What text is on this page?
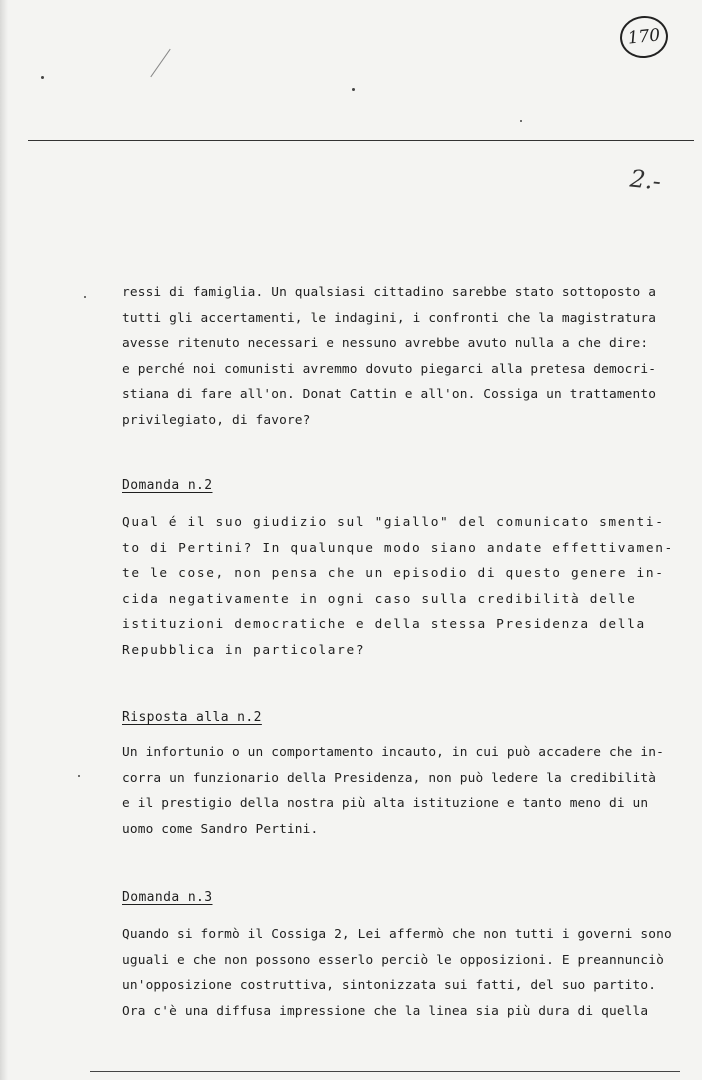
170
2.-
ressi di famiglia. Un qualsiasi cittadino sarebbe stato sottoposto a
tutti gli accertamenti, le indagini, i confronti che la magistratura
avesse ritenuto necessari e nessuno avrebbe avuto nulla a che dire:
e perché noi comunisti avremmo dovuto piegarci alla pretesa democri-
stiana di fare all'on. Donat Cattin e all'on. Cossiga un trattamento
privilegiato, di favore?
Domanda n.2
Qual é il suo giudizio sul "giallo" del comunicato smenti-
to di Pertini? In qualunque modo siano andate effettivamen-
te le cose, non pensa che un episodio di questo genere in-
cida negativamente in ogni caso sulla credibilità delle
istituzioni democratiche e della stessa Presidenza della
Repubblica in particolare?
Risposta alla n.2
Un infortunio o un comportamento incauto, in cui può accadere che in-
corra un funzionario della Presidenza, non può ledere la credibilità
e il prestigio della nostra più alta istituzione e tanto meno di un
uomo come Sandro Pertini.
Domanda n.3
Quando si formò il Cossiga 2, Lei affermò che non tutti i governi sono
uguali e che non possono esserlo perciò le opposizioni. E preannunciò
un'opposizione costruttiva, sintonizzata sui fatti, del suo partito.
Ora c'è una diffusa impressione che la linea sia più dura di quella
